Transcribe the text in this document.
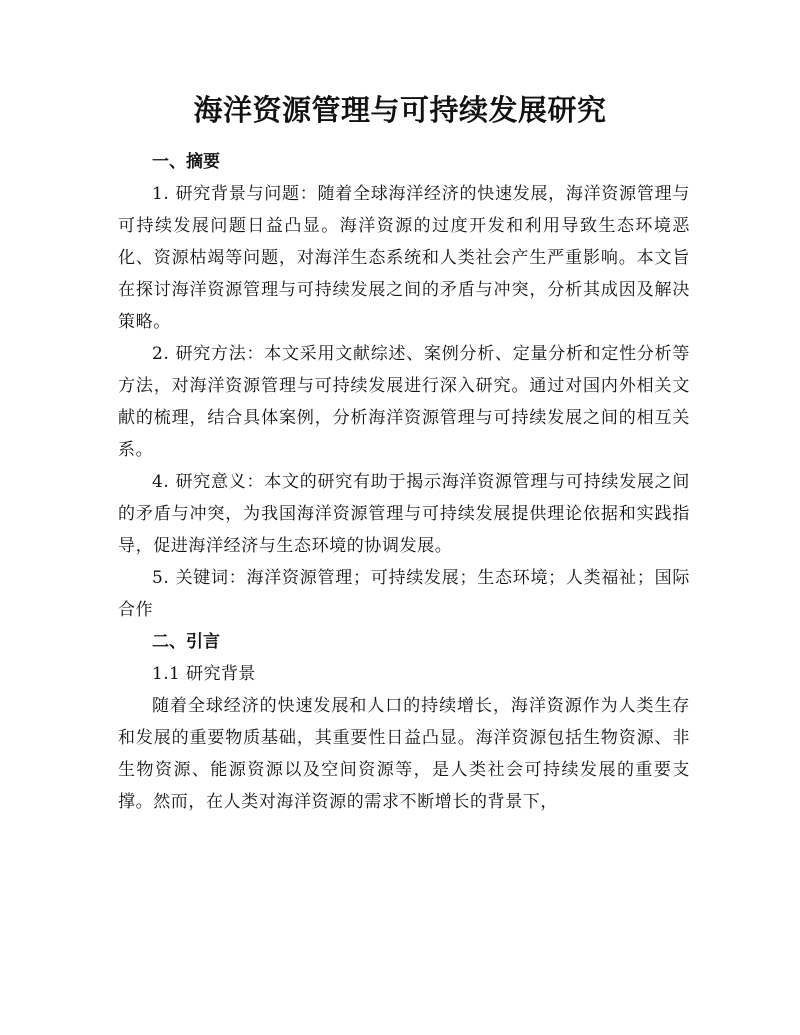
海洋资源管理与可持续发展研究

一、摘要

1. 研究背景与问题：随着全球海洋经济的快速发展，海洋资源管理与可持续发展问题日益凸显。海洋资源的过度开发和利用导致生态环境恶化、资源枯竭等问题，对海洋生态系统和人类社会产生严重影响。本文旨在探讨海洋资源管理与可持续发展之间的矛盾与冲突，分析其成因及解决策略。

2. 研究方法：本文采用文献综述、案例分析、定量分析和定性分析等方法，对海洋资源管理与可持续发展进行深入研究。通过对国内外相关文献的梳理，结合具体案例，分析海洋资源管理与可持续发展之间的相互关系。

4. 研究意义：本文的研究有助于揭示海洋资源管理与可持续发展之间的矛盾与冲突，为我国海洋资源管理与可持续发展提供理论依据和实践指导，促进海洋经济与生态环境的协调发展。

5. 关键词：海洋资源管理；可持续发展；生态环境；人类福祉；国际合作

二、引言

1.1 研究背景

随着全球经济的快速发展和人口的持续增长，海洋资源作为人类生存和发展的重要物质基础，其重要性日益凸显。海洋资源包括生物资源、非生物资源、能源资源以及空间资源等，是人类社会可持续发展的重要支撑。然而，在人类对海洋资源的需求不断增长的背景下，
